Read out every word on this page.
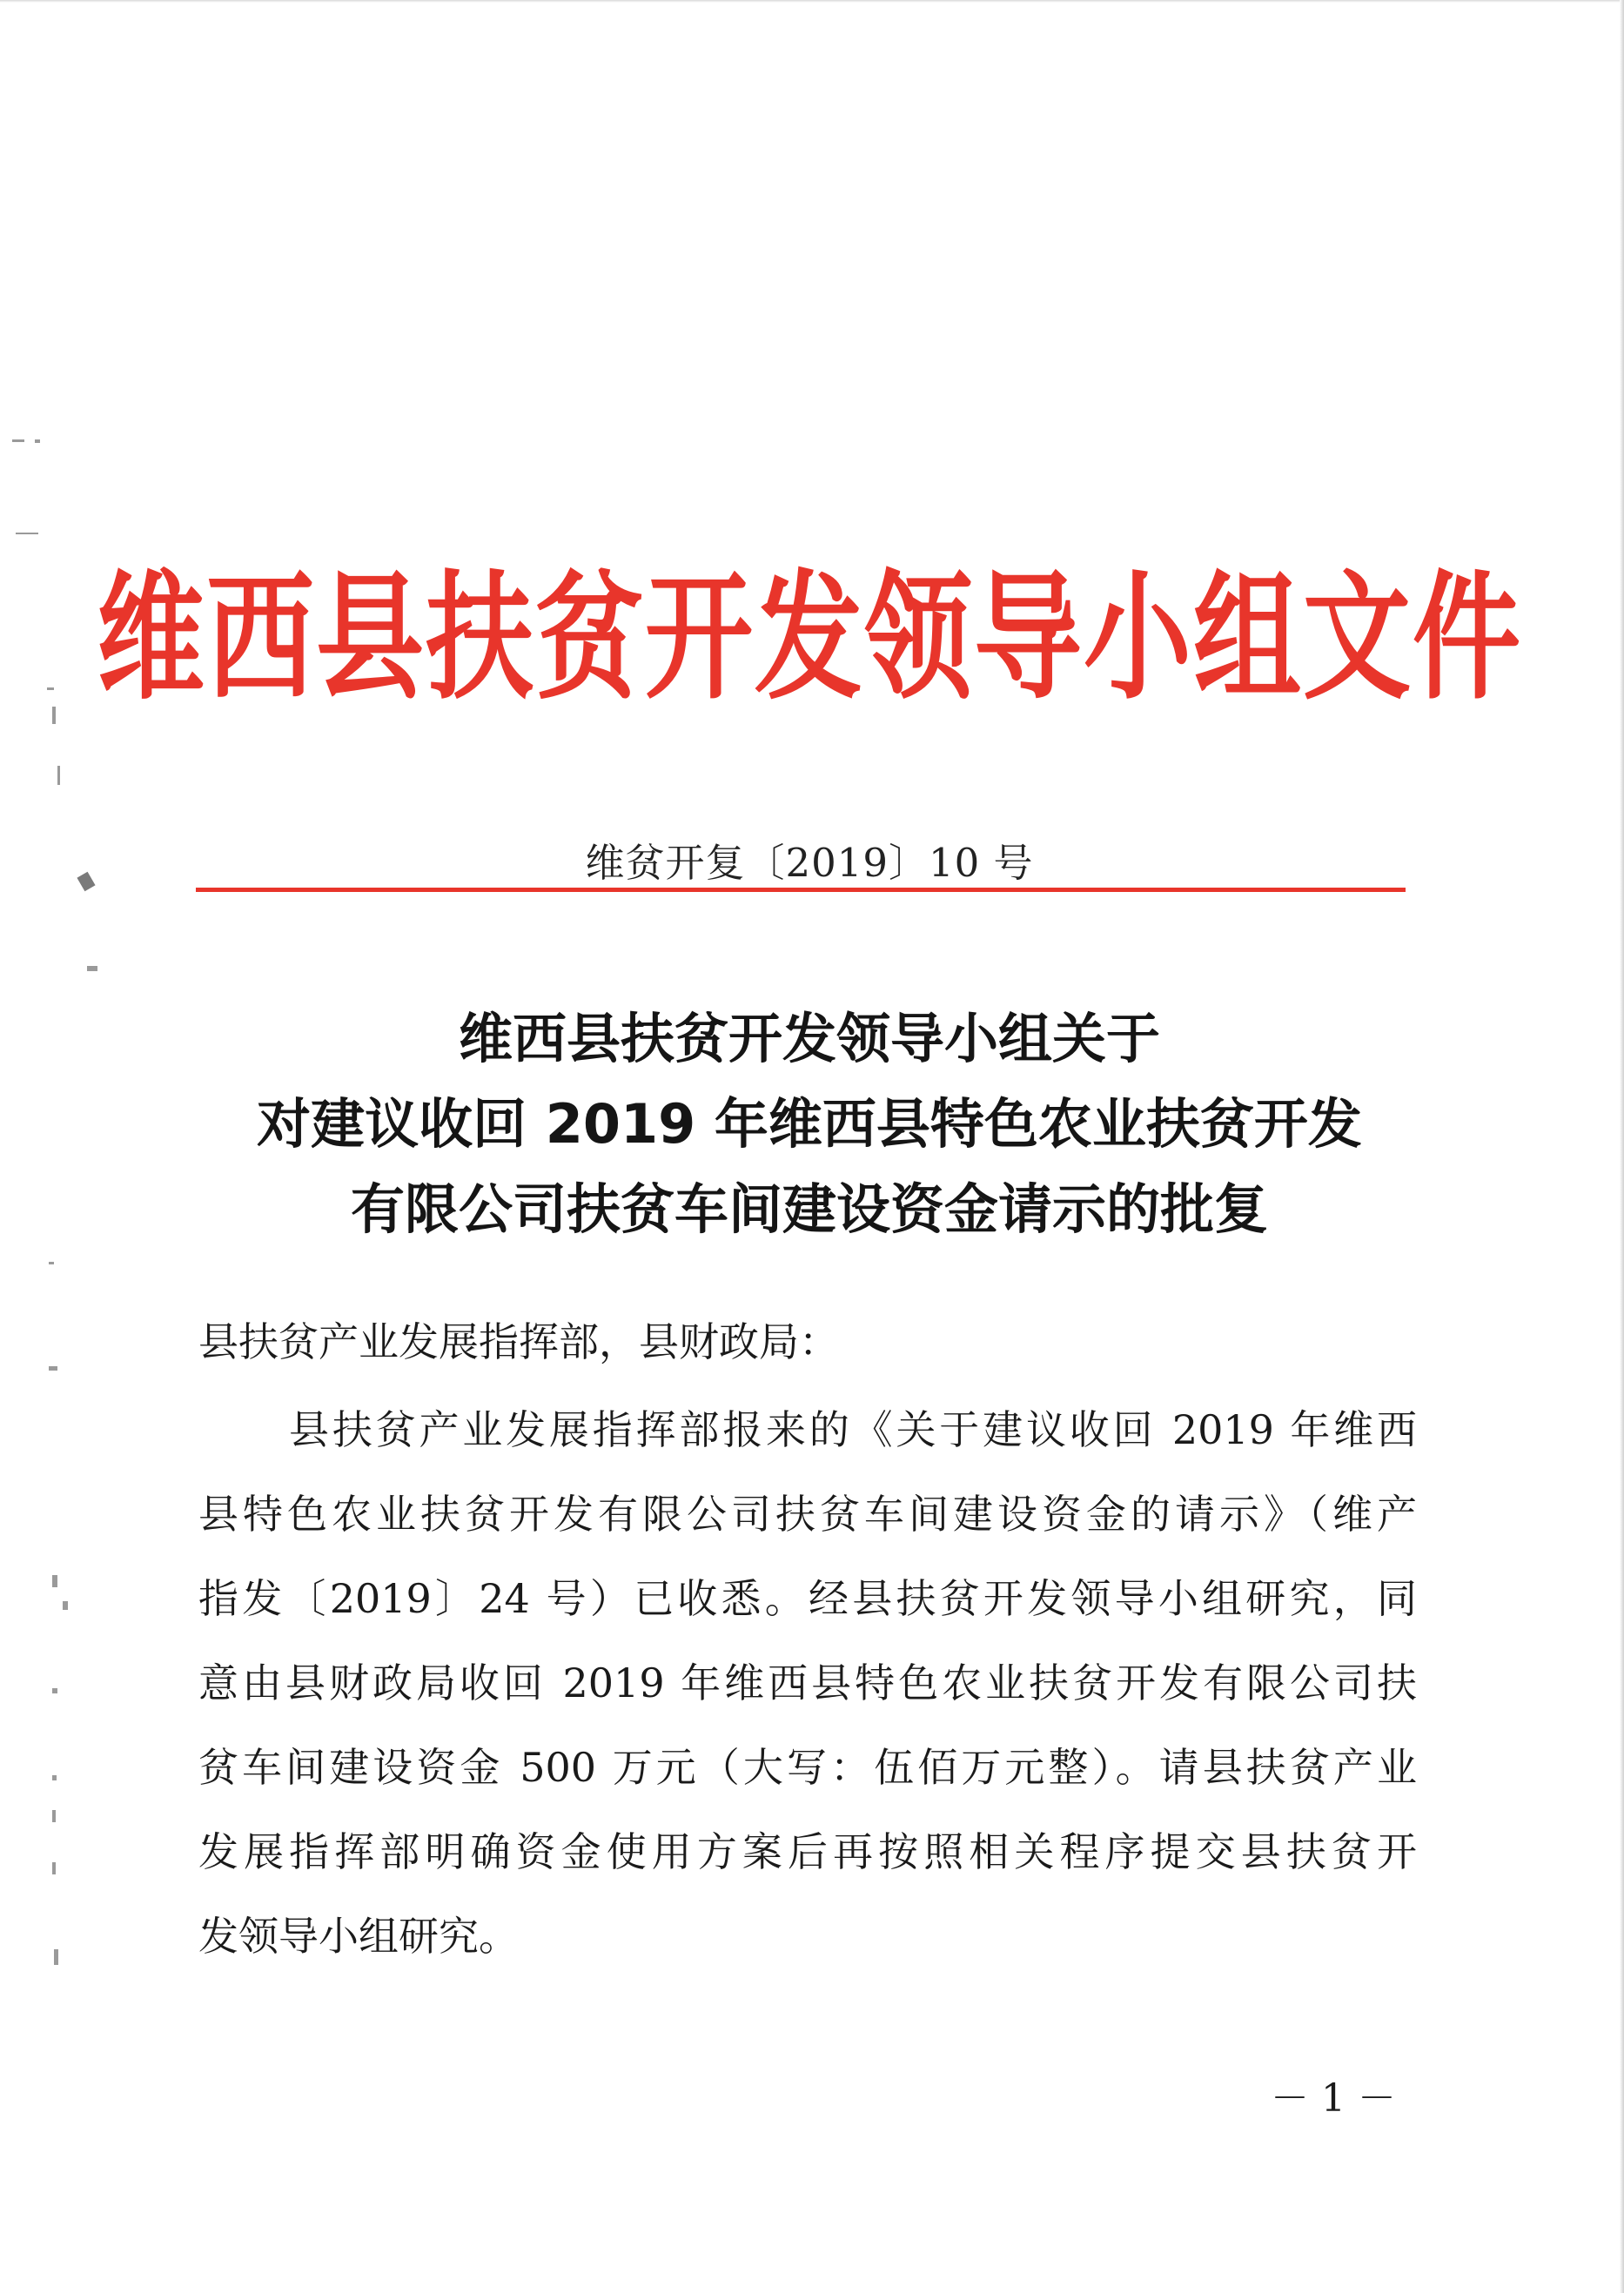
维西县扶贫开发领导小组文件
维贫开复〔2019〕10 号
维西县扶贫开发领导小组关于
对建议收回 2019 年维西县特色农业扶贫开发
有限公司扶贫车间建设资金请示的批复
县扶贫产业发展指挥部，县财政局：
县扶贫产业发展指挥部报来的《关于建议收回 2019 年维西
县特色农业扶贫开发有限公司扶贫车间建设资金的请示》（维产
指发〔2019〕24 号）已收悉。经县扶贫开发领导小组研究，同
意由县财政局收回 2019 年维西县特色农业扶贫开发有限公司扶
贫车间建设资金 500 万元（大写：伍佰万元整）。请县扶贫产业
发展指挥部明确资金使用方案后再按照相关程序提交县扶贫开
发领导小组研究。
－ 1 －
